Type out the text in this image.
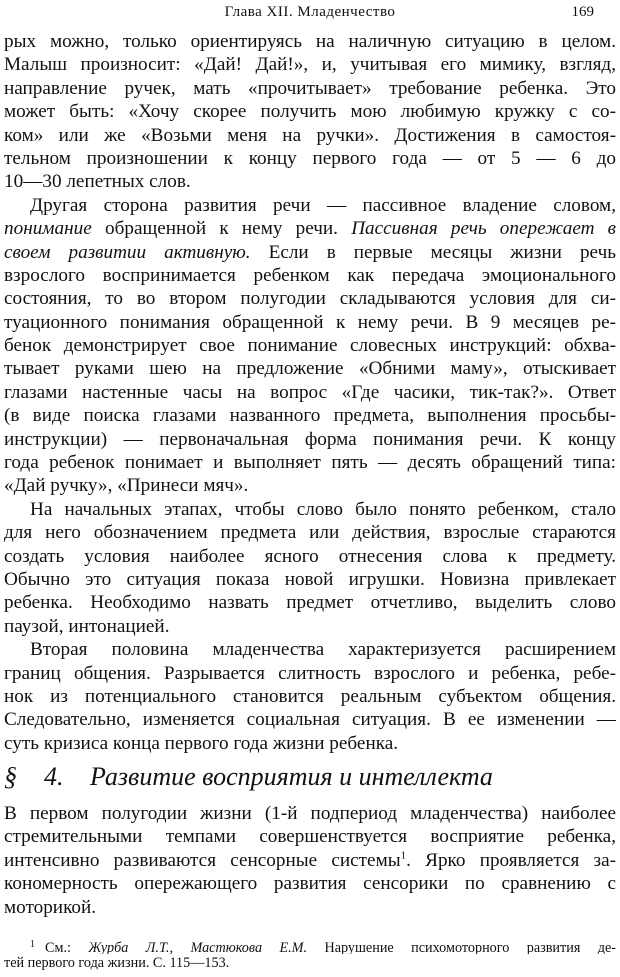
Глава XII. Младенчество	169
рых можно, только ориентируясь на наличную ситуацию в целом.
Малыш произносит: «Дай! Дай!», и, учитывая его мимику, взгляд,
направление ручек, мать «прочитывает» требование ребенка. Это
может быть: «Хочу скорее получить мою любимую кружку с со-
ком» или же «Возьми меня на ручки». Достижения в самостоя-
тельном произношении к концу первого года — от 5 — 6 до
10—30 лепетных слов.
Другая сторона развития речи — пассивное владение словом,
понимание обращенной к нему речи. Пассивная речь опережает в
своем развитии активную. Если в первые месяцы жизни речь
взрослого воспринимается ребенком как передача эмоционального
состояния, то во втором полугодии складываются условия для си-
туационного понимания обращенной к нему речи. В 9 месяцев ре-
бенок демонстрирует свое понимание словесных инструкций: обхва-
тывает руками шею на предложение «Обними маму», отыскивает
глазами настенные часы на вопрос «Где часики, тик-так?». Ответ
(в виде поиска глазами названного предмета, выполнения просьбы-
инструкции) — первоначальная форма понимания речи. К концу
года ребенок понимает и выполняет пять — десять обращений типа:
«Дай ручку», «Принеси мяч».
На начальных этапах, чтобы слово было понято ребенком, стало
для него обозначением предмета или действия, взрослые стараются
создать условия наиболее ясного отнесения слова к предмету.
Обычно это ситуация показа новой игрушки. Новизна привлекает
ребенка. Необходимо назвать предмет отчетливо, выделить слово
паузой, интонацией.
Вторая половина младенчества характеризуется расширением
границ общения. Разрывается слитность взрослого и ребенка, ребе-
нок из потенциального становится реальным субъектом общения.
Следовательно, изменяется социальная ситуация. В ее изменении —
суть кризиса конца первого года жизни ребенка.
§ 4. Развитие восприятия и интеллекта
В первом полугодии жизни (1-й подпериод младенчества) наиболее
стремительными темпами совершенствуется восприятие ребенка,
интенсивно развиваются сенсорные системы$^1$. Ярко проявляется за-
кономерность опережающего развития сенсорики по сравнению с
моторикой.
$^1$ См.: Журба Л.Т., Мастюкова Е.М. Нарушение психомоторного развития де-
тей первого года жизни. С. 115—153.
